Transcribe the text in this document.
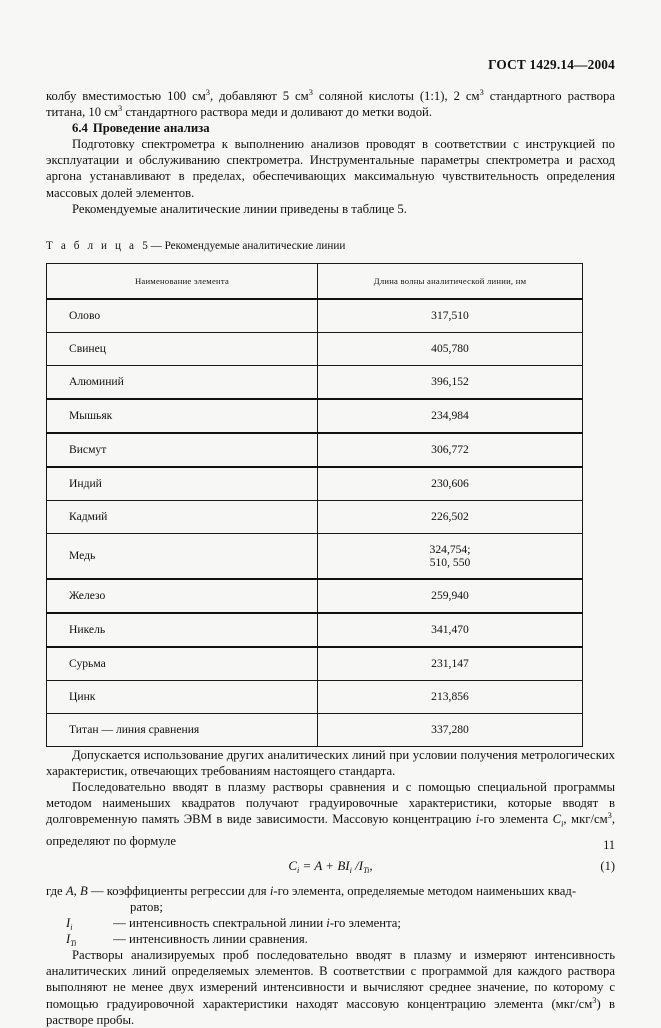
ГОСТ 1429.14—2004

колбу вместимостью 100 $см^3$, добавляют 5 $см^3$ соляной кислоты (1:1), 2 $см^3$ стандартного раствора титана, 10 $см^3$ стандартного раствора меди и доливают до метки водой.

6.4 Проведение анализа

Подготовку спектрометра к выполнению анализов проводят в соответствии с инструкцией по эксплуатации и обслуживанию спектрометра. Инструментальные параметры спектрометра и расход аргона устанавливают в пределах, обеспечивающих максимальную чувствительность определения массовых долей элементов.

Рекомендуемые аналитические линии приведены в таблице 5.

Т а б л и ц а 5 — Рекомендуемые аналитические линии

Наименование элемента	Длина волны аналитической линии, нм
Олово	317,510
Свинец	405,780
Алюминий	396,152
Мышьяк	234,984
Висмут	306,772
Индий	230,606
Кадмий	226,502
Медь	324,754;
510, 550

Железо	259,940
Никель	341,470
Сурьма	231,147
Цинк	213,856
Титан — линия сравнения	337,280

Допускается использование других аналитических линий при условии получения метрологических характеристик, отвечающих требованиям настоящего стандарта.

Последовательно вводят в плазму растворы сравнения и с помощью специальной программы методом наименьших квадратов получают градуировочные характеристики, которые вводят в долговременную память ЭВМ в виде зависимости. Массовую концентрацию i-го элемента $C_i$, мкг/$см^3$, определяют по формуле

$C_i = A + BI_i$ $/I_{Ti}$,	(1)

где A, B — коэффициенты регрессии для i-го элемента, определяемые методом наименьших квад-

ратов;

$I_i$	— интенсивность спектральной линии i-го элемента;

$I_{Ti}$	— интенсивность линии сравнения.

Растворы анализируемых проб последовательно вводят в плазму и измеряют интенсивность аналитических линий определяемых элементов. В соответствии с программой для каждого раствора выполняют не менее двух измерений интенсивности и вычисляют среднее значение, по которому с помощью градуировочной характеристики находят массовую концентрацию элемента $(мкг/см^3)$ в растворе пробы.

11
